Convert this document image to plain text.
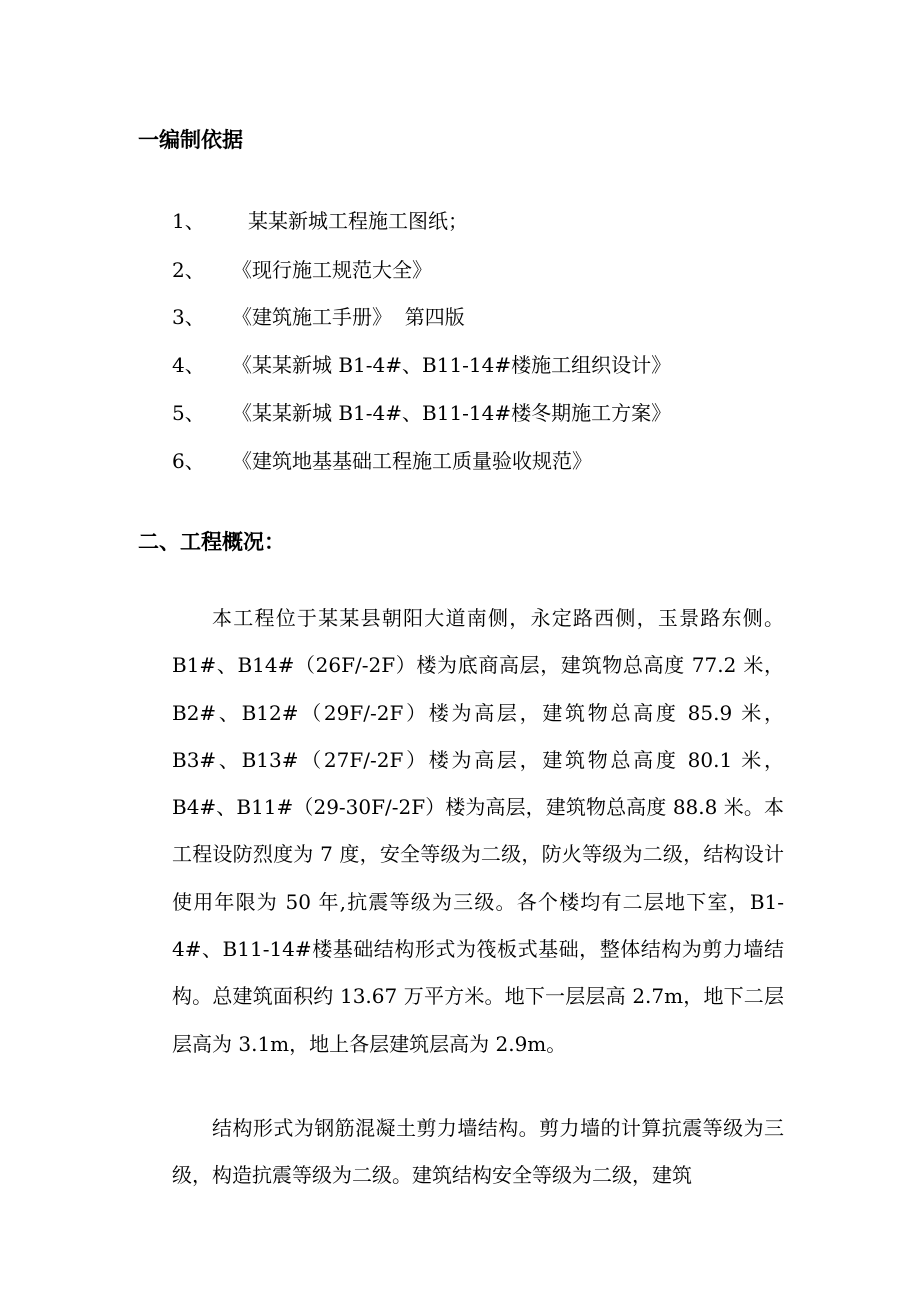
一编制依据
1、 某某新城工程施工图纸；
2、 《现行施工规范大全》
3、 《建筑施工手册》  第四版
4、 《某某新城 B1-4#、B11-14#楼施工组织设计》
5、 《某某新城 B1-4#、B11-14#楼冬期施工方案》
6、 《建筑地基基础工程施工质量验收规范》
二、工程概况：

本工程位于某某县朝阳大道南侧，永定路西侧，玉景路东侧。B1#、B14#（26F/-2F）楼为底商高层，建筑物总高度 77.2 米，B2#、B12#（29F/-2F）楼为高层，建筑物总高度 85.9 米，B3#、B13#（27F/-2F）楼为高层，建筑物总高度 80.1 米，B4#、B11#（29-30F/-2F）楼为高层，建筑物总高度 88.8 米。本工程设防烈度为 7 度，安全等级为二级，防火等级为二级，结构设计使用年限为 50 年,抗震等级为三级。各个楼均有二层地下室，B1-4#、B11-14#楼基础结构形式为筏板式基础，整体结构为剪力墙结构。总建筑面积约 13.67 万平方米。地下一层层高 2.7m，地下二层层高为 3.1m，地上各层建筑层高为 2.9m。

结构形式为钢筋混凝土剪力墙结构。剪力墙的计算抗震等级为三级，构造抗震等级为二级。建筑结构安全等级为二级，建筑
